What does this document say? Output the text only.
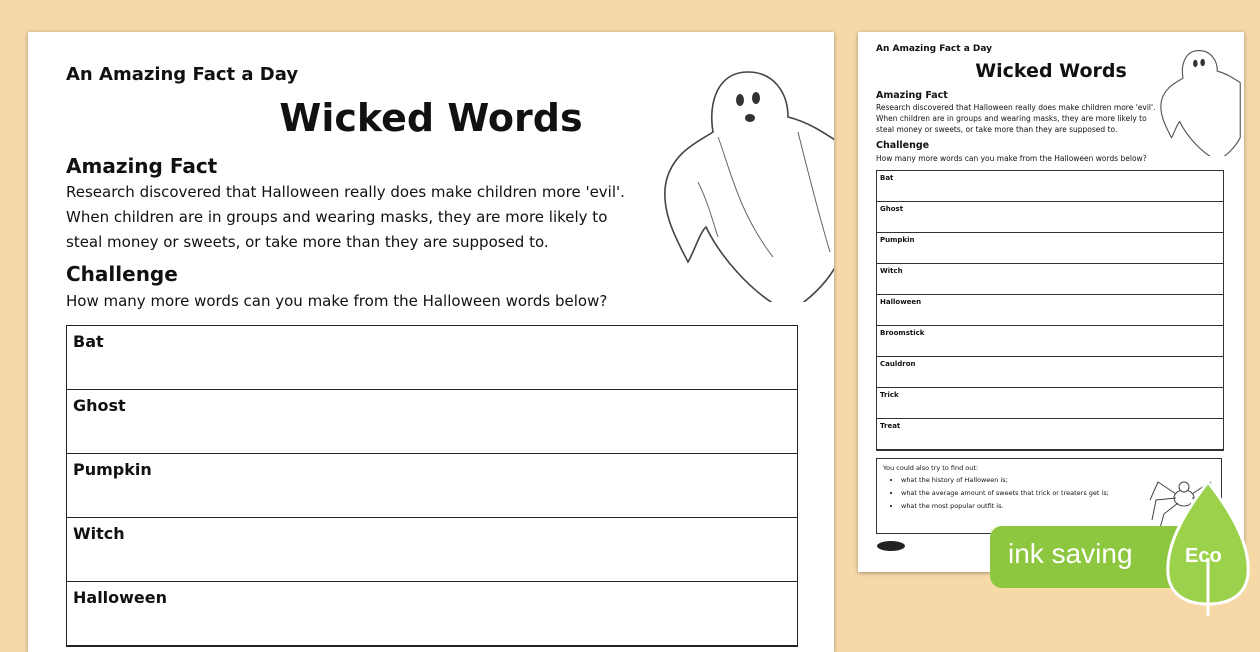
An Amazing Fact a Day
Wicked Words
Amazing Fact
Research discovered that Halloween really does make children more 'evil'.
When children are in groups and wearing masks, they are more likely to
steal money or sweets, or take more than they are supposed to.
Challenge
How many more words can you make from the Halloween words below?
Bat
Ghost
Pumpkin
Witch
Halloween
An Amazing Fact a Day
Wicked Words
Amazing Fact
Research discovered that Halloween really does make children more 'evil'.
When children are in groups and wearing masks, they are more likely to
steal money or sweets, or take more than they are supposed to.
Challenge
How many more words can you make from the Halloween words below?
Bat
Ghost
Pumpkin
Witch
Halloween
Broomstick
Cauldron
Trick
Treat
You could also try to find out:
• what the history of Halloween is;
• what the average amount of sweets that trick or treaters get is;
• what the most popular outfit is.
ink saving	Eco
